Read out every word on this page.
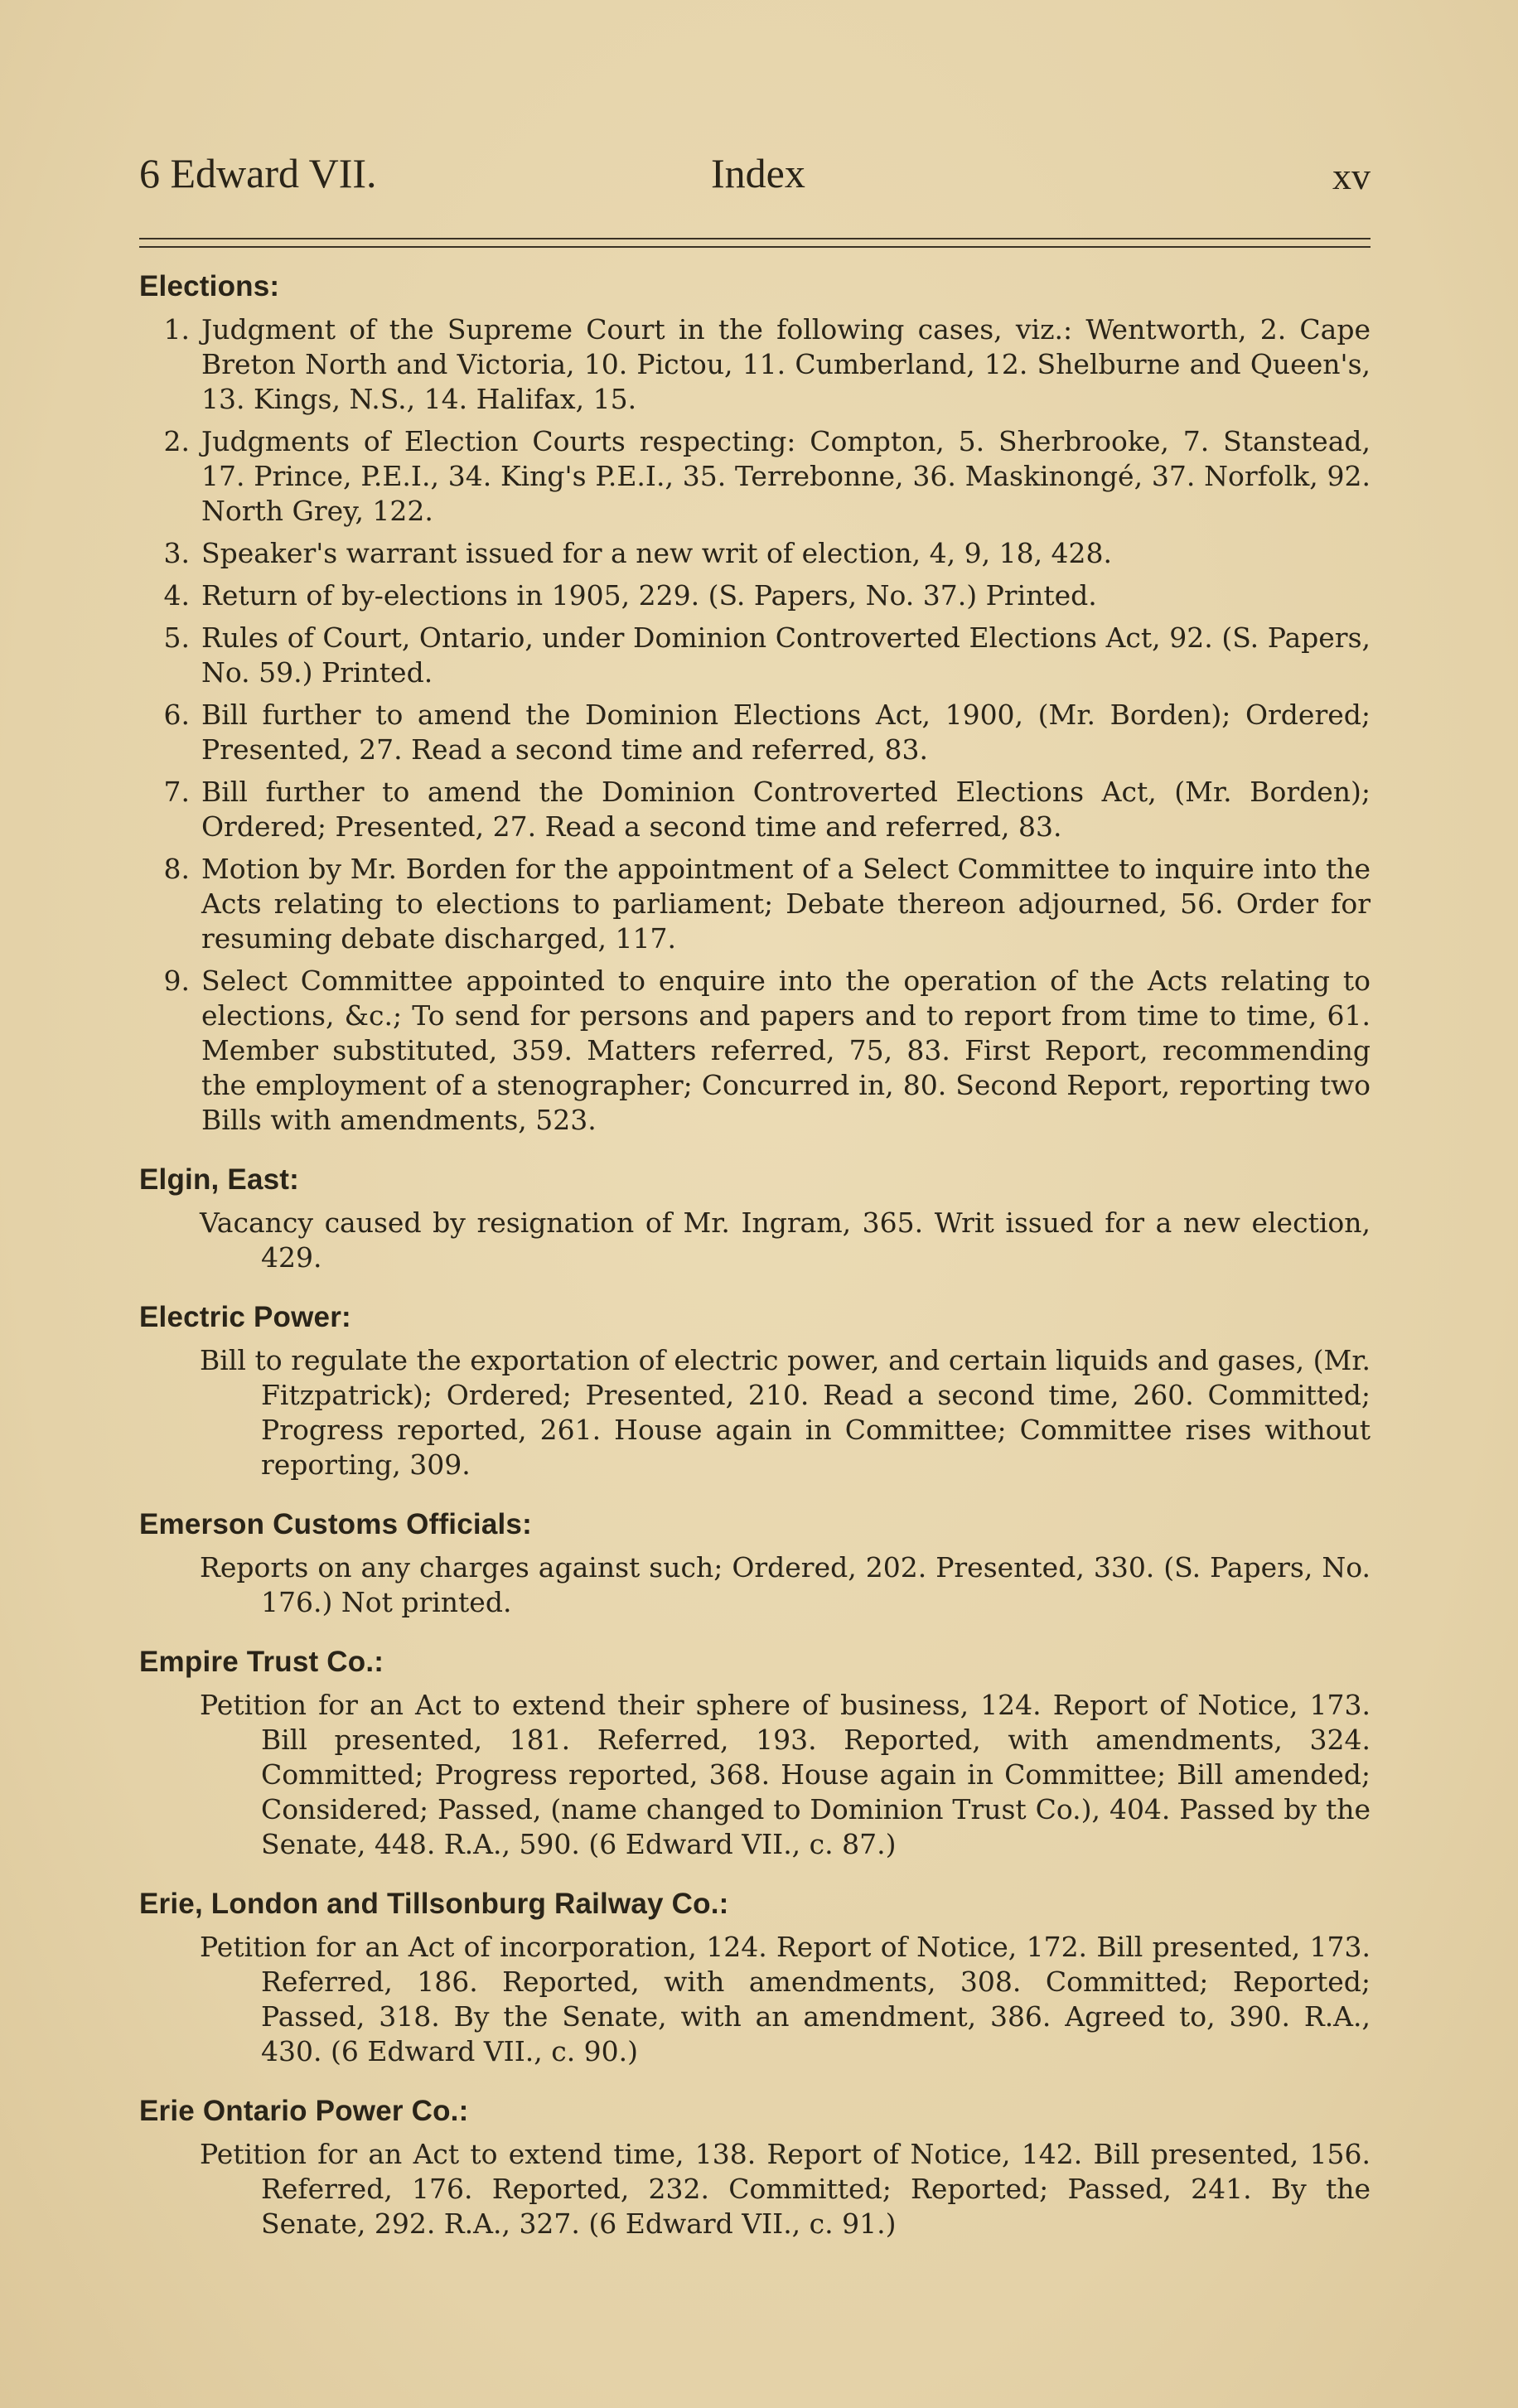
6 Edward VII.	Index	xv
Elections:
1. Judgment of the Supreme Court in the following cases, viz.: Wentworth, 2. Cape Breton North and Victoria, 10. Pictou, 11. Cumberland, 12. Shelburne and Queen's, 13. Kings, N.S., 14. Halifax, 15.
2. Judgments of Election Courts respecting: Compton, 5. Sherbrooke, 7. Stanstead, 17. Prince, P.E.I., 34. King's P.E.I., 35. Terrebonne, 36. Maskinongé, 37. Norfolk, 92. North Grey, 122.
3. Speaker's warrant issued for a new writ of election, 4, 9, 18, 428.
4. Return of by-elections in 1905, 229. (S. Papers, No. 37.) Printed.
5. Rules of Court, Ontario, under Dominion Controverted Elections Act, 92. (S. Papers, No. 59.) Printed.
6. Bill further to amend the Dominion Elections Act, 1900, (Mr. Borden); Ordered; Presented, 27. Read a second time and referred, 83.
7. Bill further to amend the Dominion Controverted Elections Act, (Mr. Borden); Ordered; Presented, 27. Read a second time and referred, 83.
8. Motion by Mr. Borden for the appointment of a Select Committee to inquire into the Acts relating to elections to parliament; Debate thereon adjourned, 56. Order for resuming debate discharged, 117.
9. Select Committee appointed to enquire into the operation of the Acts relating to elections, &c.; To send for persons and papers and to report from time to time, 61. Member substituted, 359. Matters referred, 75, 83. First Report, recommending the employment of a stenographer; Concurred in, 80. Second Report, reporting two Bills with amendments, 523.
Elgin, East:
Vacancy caused by resignation of Mr. Ingram, 365. Writ issued for a new election, 429.
Electric Power:
Bill to regulate the exportation of electric power, and certain liquids and gases, (Mr. Fitzpatrick); Ordered; Presented, 210. Read a second time, 260. Committed; Progress reported, 261. House again in Committee; Committee rises without reporting, 309.
Emerson Customs Officials:
Reports on any charges against such; Ordered, 202. Presented, 330. (S. Papers, No. 176.) Not printed.
Empire Trust Co.:
Petition for an Act to extend their sphere of business, 124. Report of Notice, 173. Bill presented, 181. Referred, 193. Reported, with amendments, 324. Committed; Progress reported, 368. House again in Committee; Bill amended; Considered; Passed, (name changed to Dominion Trust Co.), 404. Passed by the Senate, 448. R.A., 590. (6 Edward VII., c. 87.)
Erie, London and Tillsonburg Railway Co.:
Petition for an Act of incorporation, 124. Report of Notice, 172. Bill presented, 173. Referred, 186. Reported, with amendments, 308. Committed; Reported; Passed, 318. By the Senate, with an amendment, 386. Agreed to, 390. R.A., 430. (6 Edward VII., c. 90.)
Erie Ontario Power Co.:
Petition for an Act to extend time, 138. Report of Notice, 142. Bill presented, 156. Referred, 176. Reported, 232. Committed; Reported; Passed, 241. By the Senate, 292. R.A., 327. (6 Edward VII., c. 91.)
